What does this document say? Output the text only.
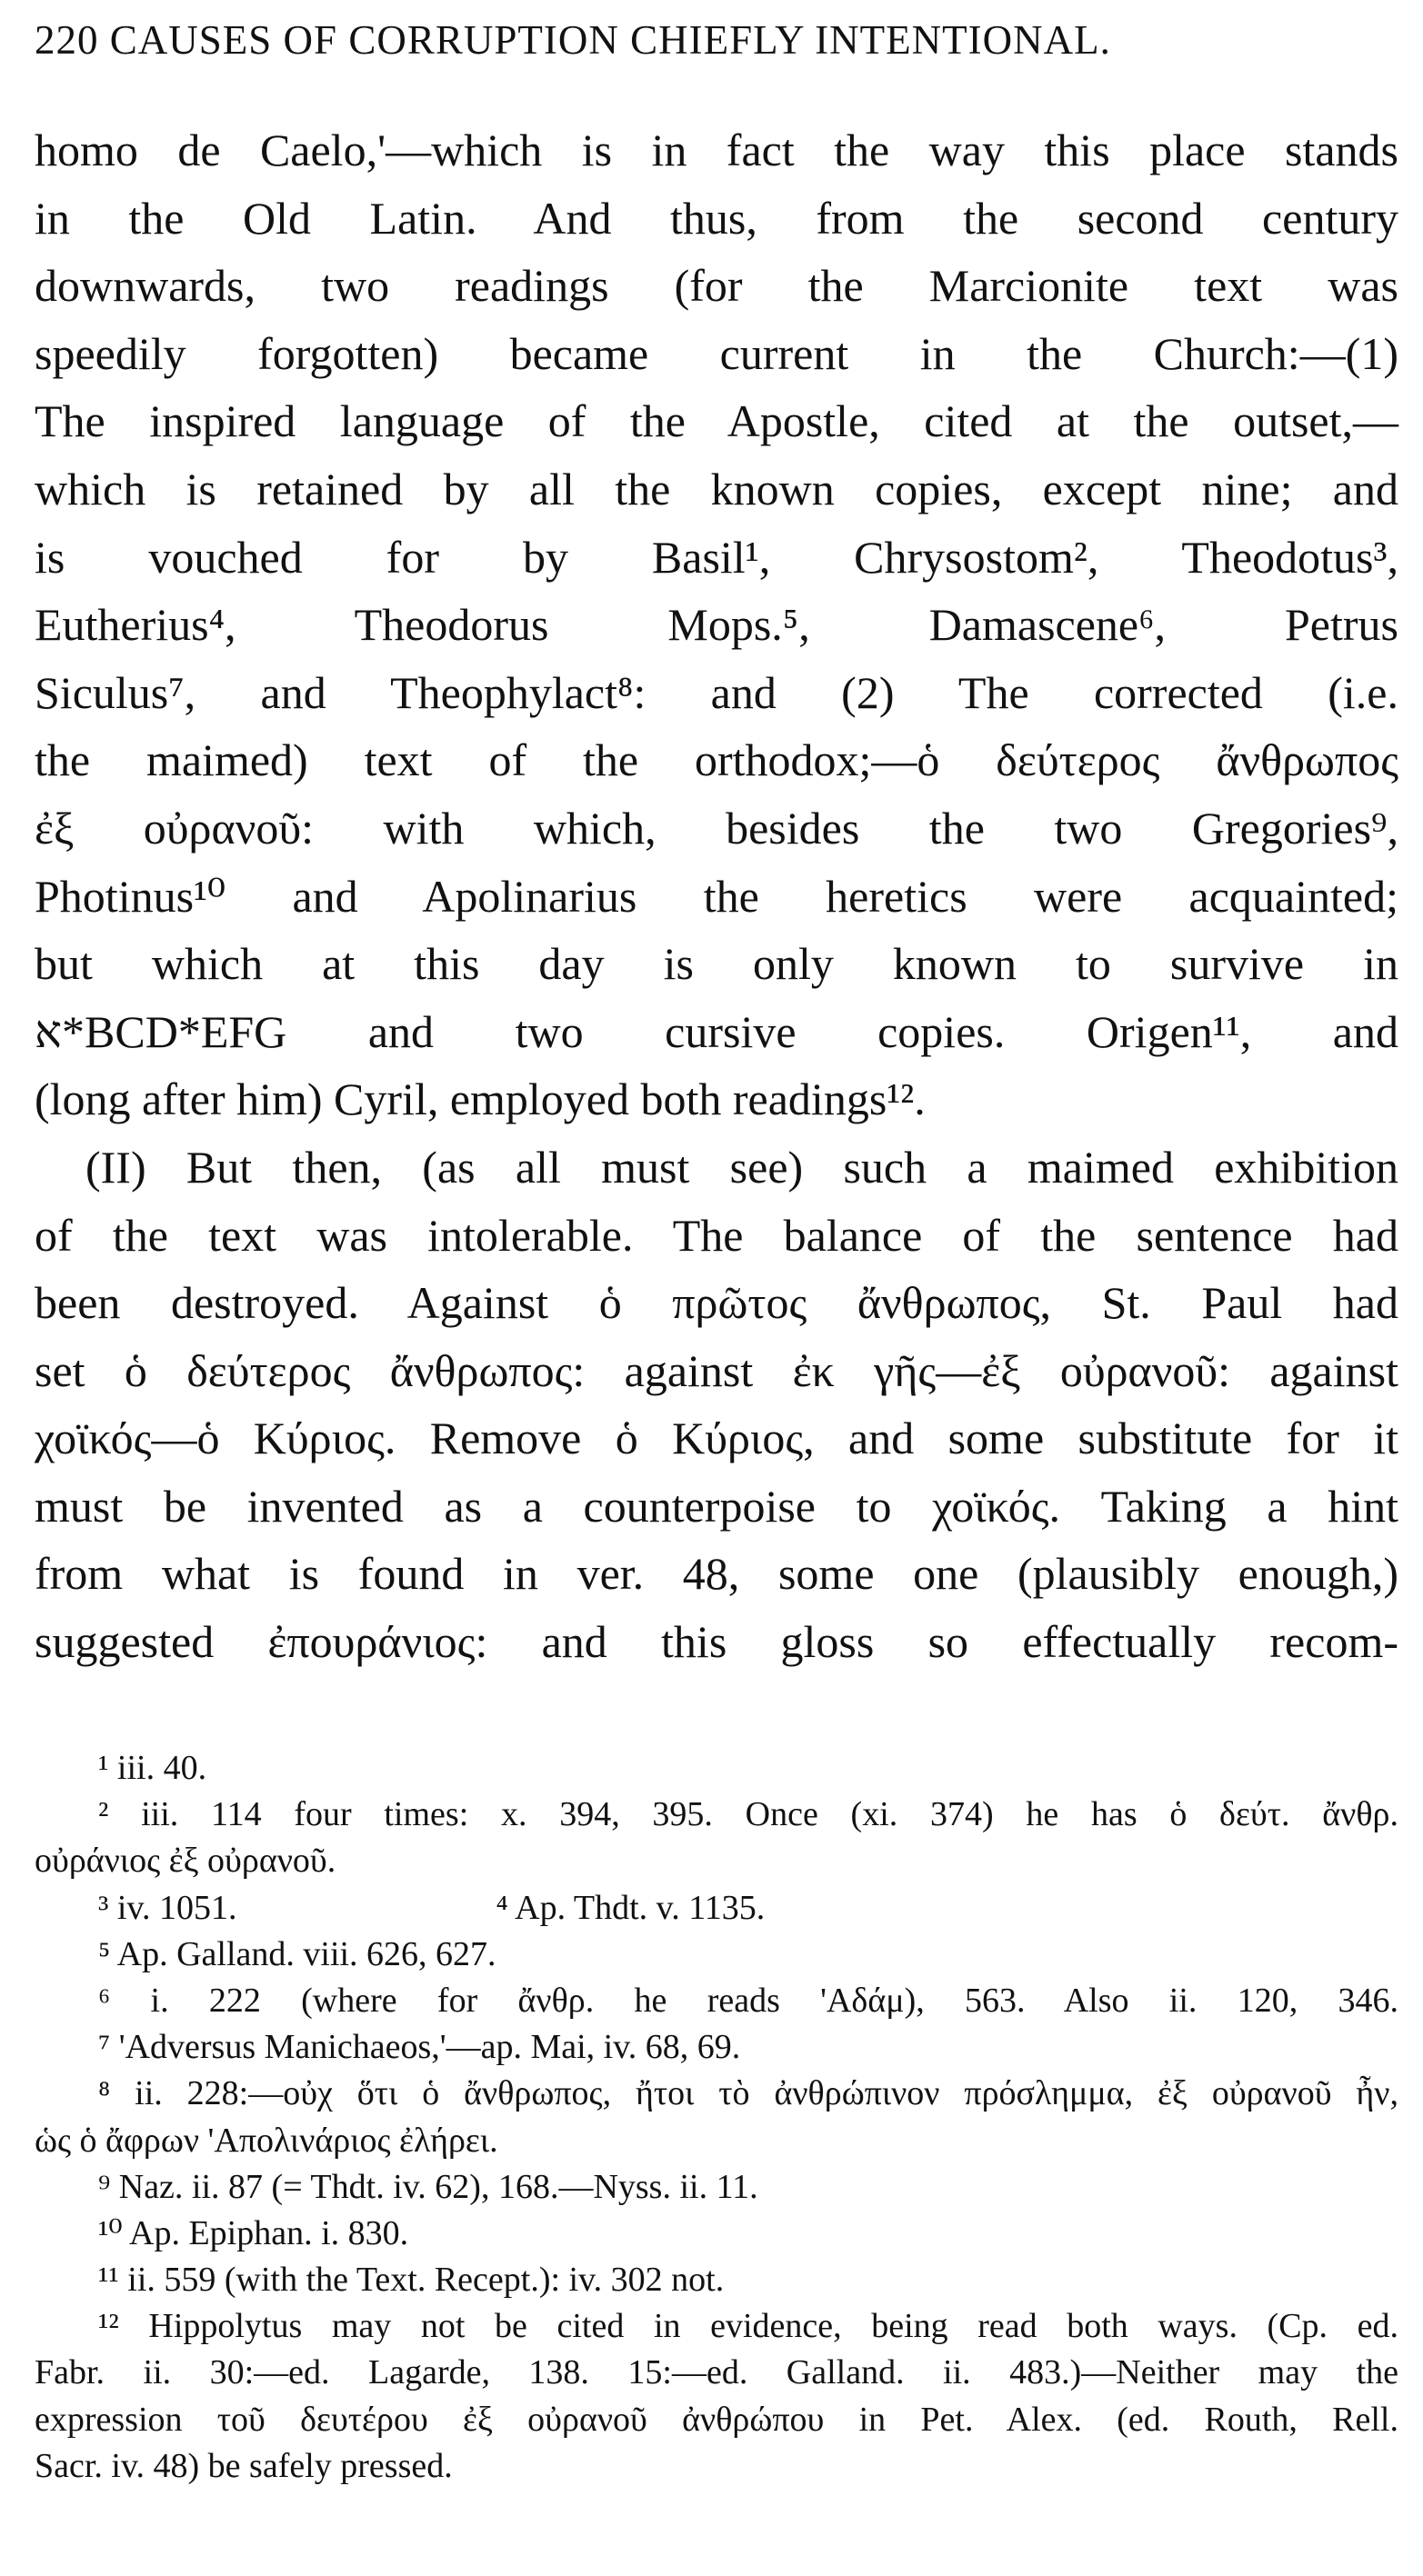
220 CAUSES OF CORRUPTION CHIEFLY INTENTIONAL.
homo de Caelo,'—which is in fact the way this place stands
in the Old Latin. And thus, from the second century
downwards, two readings (for the Marcionite text was
speedily forgotten) became current in the Church:—(1)
The inspired language of the Apostle, cited at the outset,—
which is retained by all the known copies, except nine; and
is vouched for by Basil¹, Chrysostom², Theodotus³,
Eutherius⁴, Theodorus Mops.⁵, Damascene⁶, Petrus
Siculus⁷, and Theophylact⁸: and (2) The corrected (i.e.
the maimed) text of the orthodox;—ὁ δεύτερος ἄνθρωπος
ἐξ οὐρανοῦ: with which, besides the two Gregories⁹,
Photinus¹⁰ and Apolinarius the heretics were acquainted;
but which at this day is only known to survive in
א*BCD*EFG and two cursive copies. Origen¹¹, and
(long after him) Cyril, employed both readings¹².
(II) But then, (as all must see) such a maimed exhibition
of the text was intolerable. The balance of the sentence had
been destroyed. Against ὁ πρῶτος ἄνθρωπος, St. Paul had
set ὁ δεύτερος ἄνθρωπος: against ἐκ γῆς—ἐξ οὐρανοῦ: against
χοϊκός—ὁ Κύριος. Remove ὁ Κύριος, and some substitute for it
must be invented as a counterpoise to χοϊκός. Taking a hint
from what is found in ver. 48, some one (plausibly enough,)
suggested ἐπουράνιος: and this gloss so effectually recom-
¹ iii. 40.
² iii. 114 four times: x. 394, 395. Once (xi. 374) he has ὁ δεύτ. ἄνθρ.
οὐράνιος ἐξ οὐρανοῦ.
³ iv. 1051.                              ⁴ Ap. Thdt. v. 1135.
⁵ Ap. Galland. viii. 626, 627.
⁶ i. 222 (where for ἄνθρ. he reads 'Αδάμ), 563. Also ii. 120, 346.
⁷ 'Adversus Manichaeos,'—ap. Mai, iv. 68, 69.
⁸ ii. 228:—οὐχ ὅτι ὁ ἄνθρωπος, ἤτοι τὸ ἀνθρώπινον πρόσλημμα, ἐξ οὐρανοῦ ἦν,
ὡς ὁ ἄφρων 'Απολινάριος ἐλήρει.
⁹ Naz. ii. 87 (= Thdt. iv. 62), 168.—Nyss. ii. 11.
¹⁰ Ap. Epiphan. i. 830.
¹¹ ii. 559 (with the Text. Recept.): iv. 302 not.
¹² Hippolytus may not be cited in evidence, being read both ways. (Cp. ed.
Fabr. ii. 30:—ed. Lagarde, 138. 15:—ed. Galland. ii. 483.)—Neither may the
expression τοῦ δευτέρου ἐξ οὐρανοῦ ἀνθρώπου in Pet. Alex. (ed. Routh, Rell.
Sacr. iv. 48) be safely pressed.
